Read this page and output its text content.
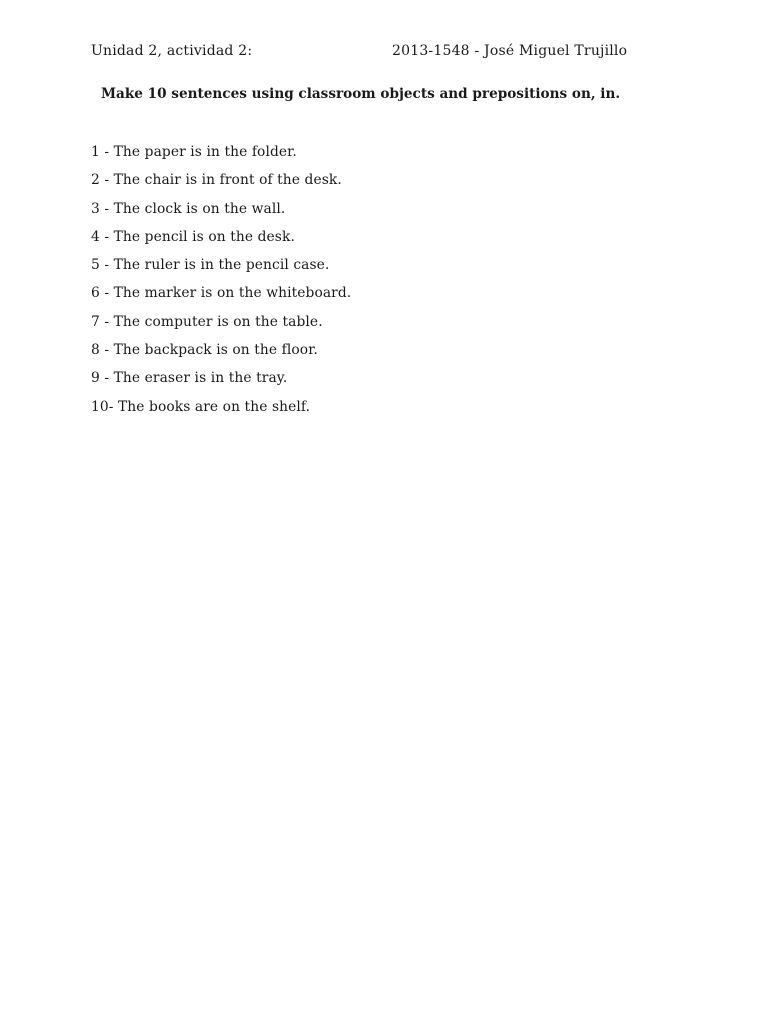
Unidad 2, actividad 2:	2013-1548 - José Miguel Trujillo
Make 10 sentences using classroom objects and prepositions on, in.
1 - The paper is in the folder.
2 - The chair is in front of the desk.
3 - The clock is on the wall.
4 - The pencil is on the desk.
5 - The ruler is in the pencil case.
6 - The marker is on the whiteboard.
7 - The computer is on the table.
8 - The backpack is on the floor.
9 - The eraser is in the tray.
10- The books are on the shelf.
